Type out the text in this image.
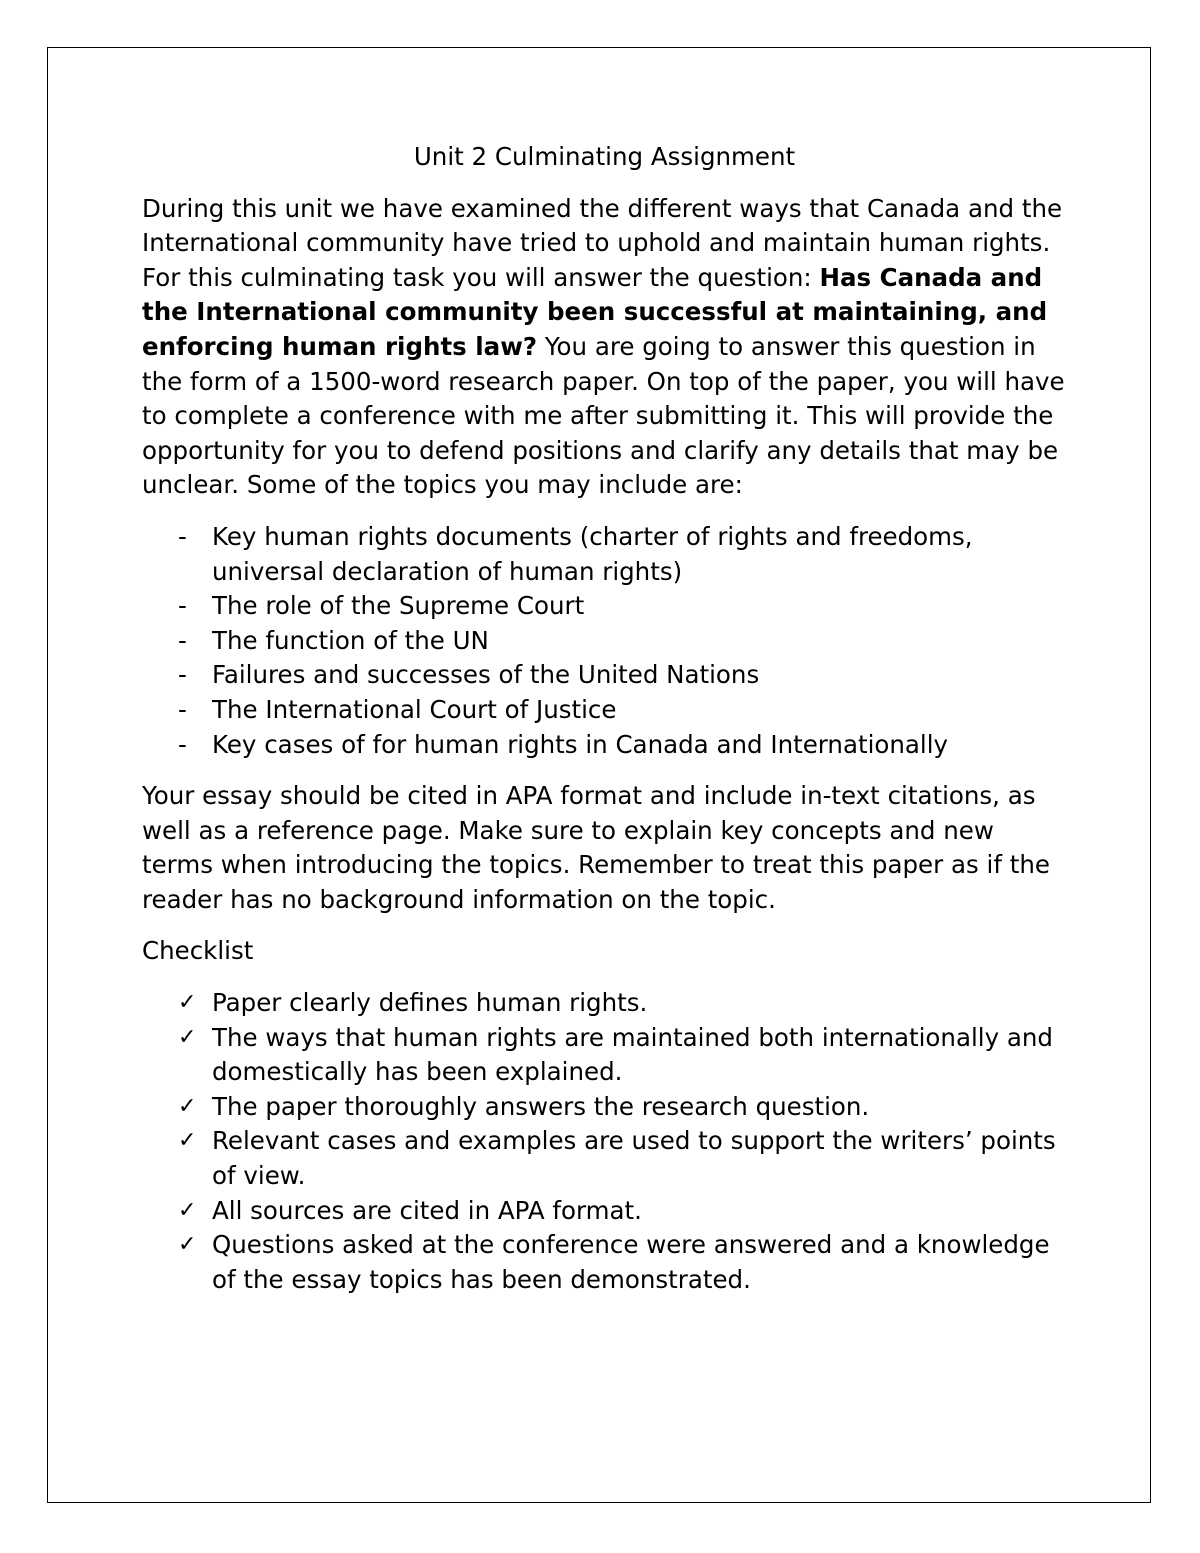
Unit 2 Culminating Assignment

During this unit we have examined the different ways that Canada and the International community have tried to uphold and maintain human rights. For this culminating task you will answer the question: Has Canada and the International community been successful at maintaining, and enforcing human rights law? You are going to answer this question in the form of a 1500-word research paper. On top of the paper, you will have to complete a conference with me after submitting it. This will provide the opportunity for you to defend positions and clarify any details that may be unclear. Some of the topics you may include are:

- Key human rights documents (charter of rights and freedoms, universal declaration of human rights)
- The role of the Supreme Court
- The function of the UN
- Failures and successes of the United Nations
- The International Court of Justice
- Key cases of for human rights in Canada and Internationally

Your essay should be cited in APA format and include in-text citations, as well as a reference page. Make sure to explain key concepts and new terms when introducing the topics. Remember to treat this paper as if the reader has no background information on the topic.

Checklist
✓ Paper clearly defines human rights.
✓ The ways that human rights are maintained both internationally and domestically has been explained.
✓ The paper thoroughly answers the research question.
✓ Relevant cases and examples are used to support the writers’ points of view.
✓ All sources are cited in APA format.
✓ Questions asked at the conference were answered and a knowledge of the essay topics has been demonstrated.
